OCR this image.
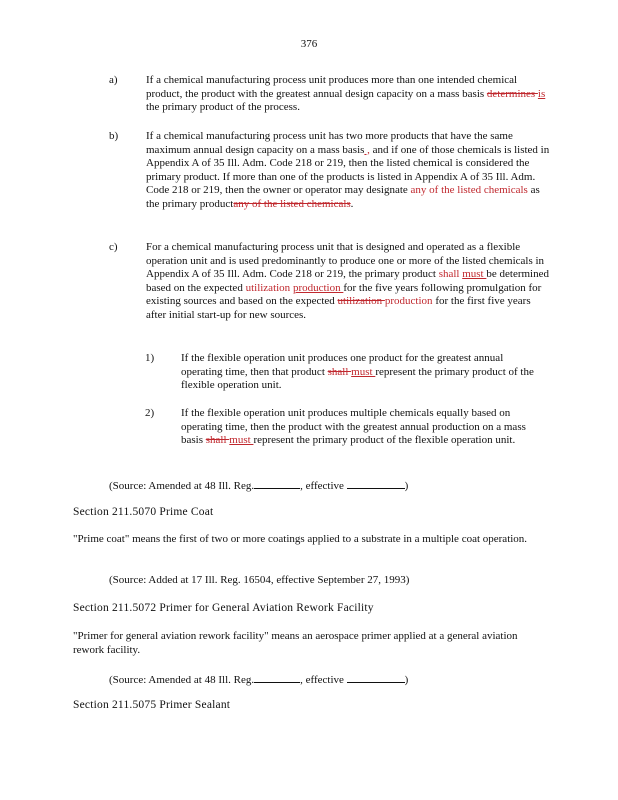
376
a)	If a chemical manufacturing process unit produces more than one intended chemical product, the product with the greatest annual design capacity on a mass basis determines is the primary product of the process.
b)	If a chemical manufacturing process unit has two more products that have the same maximum annual design capacity on a mass basis , and if one of those chemicals is listed in Appendix A of 35 Ill. Adm. Code 218 or 219, then the listed chemical is considered the primary product. If more than one of the products is listed in Appendix A of 35 Ill. Adm. Code 218 or 219, then the owner or operator may designate any of the listed chemicals as the primary productany of the listed chemicals.
c)	For a chemical manufacturing process unit that is designed and operated as a flexible operation unit and is used predominantly to produce one or more of the listed chemicals in Appendix A of 35 Ill. Adm. Code 218 or 219, the primary product shall must be determined based on the expected utilization production for the five years following promulgation for existing sources and based on the expected utilization production for the first five years after initial start-up for new sources.
1) If the flexible operation unit produces one product for the greatest annual operating time, then that product shall must represent the primary product of the flexible operation unit.
2) If the flexible operation unit produces multiple chemicals equally based on operating time, then the product with the greatest annual production on a mass basis shall must represent the primary product of the flexible operation unit.
(Source: Amended at 48 Ill. Reg.	, effective	)
Section 211.5070 Prime Coat
"Prime coat" means the first of two or more coatings applied to a substrate in a multiple coat operation.
(Source: Added at 17 Ill. Reg. 16504, effective September 27, 1993)
Section 211.5072 Primer for General Aviation Rework Facility
"Primer for general aviation rework facility" means an aerospace primer applied at a general aviation rework facility.
(Source: Amended at 48 Ill. Reg.	, effective	)
Section 211.5075 Primer Sealant
